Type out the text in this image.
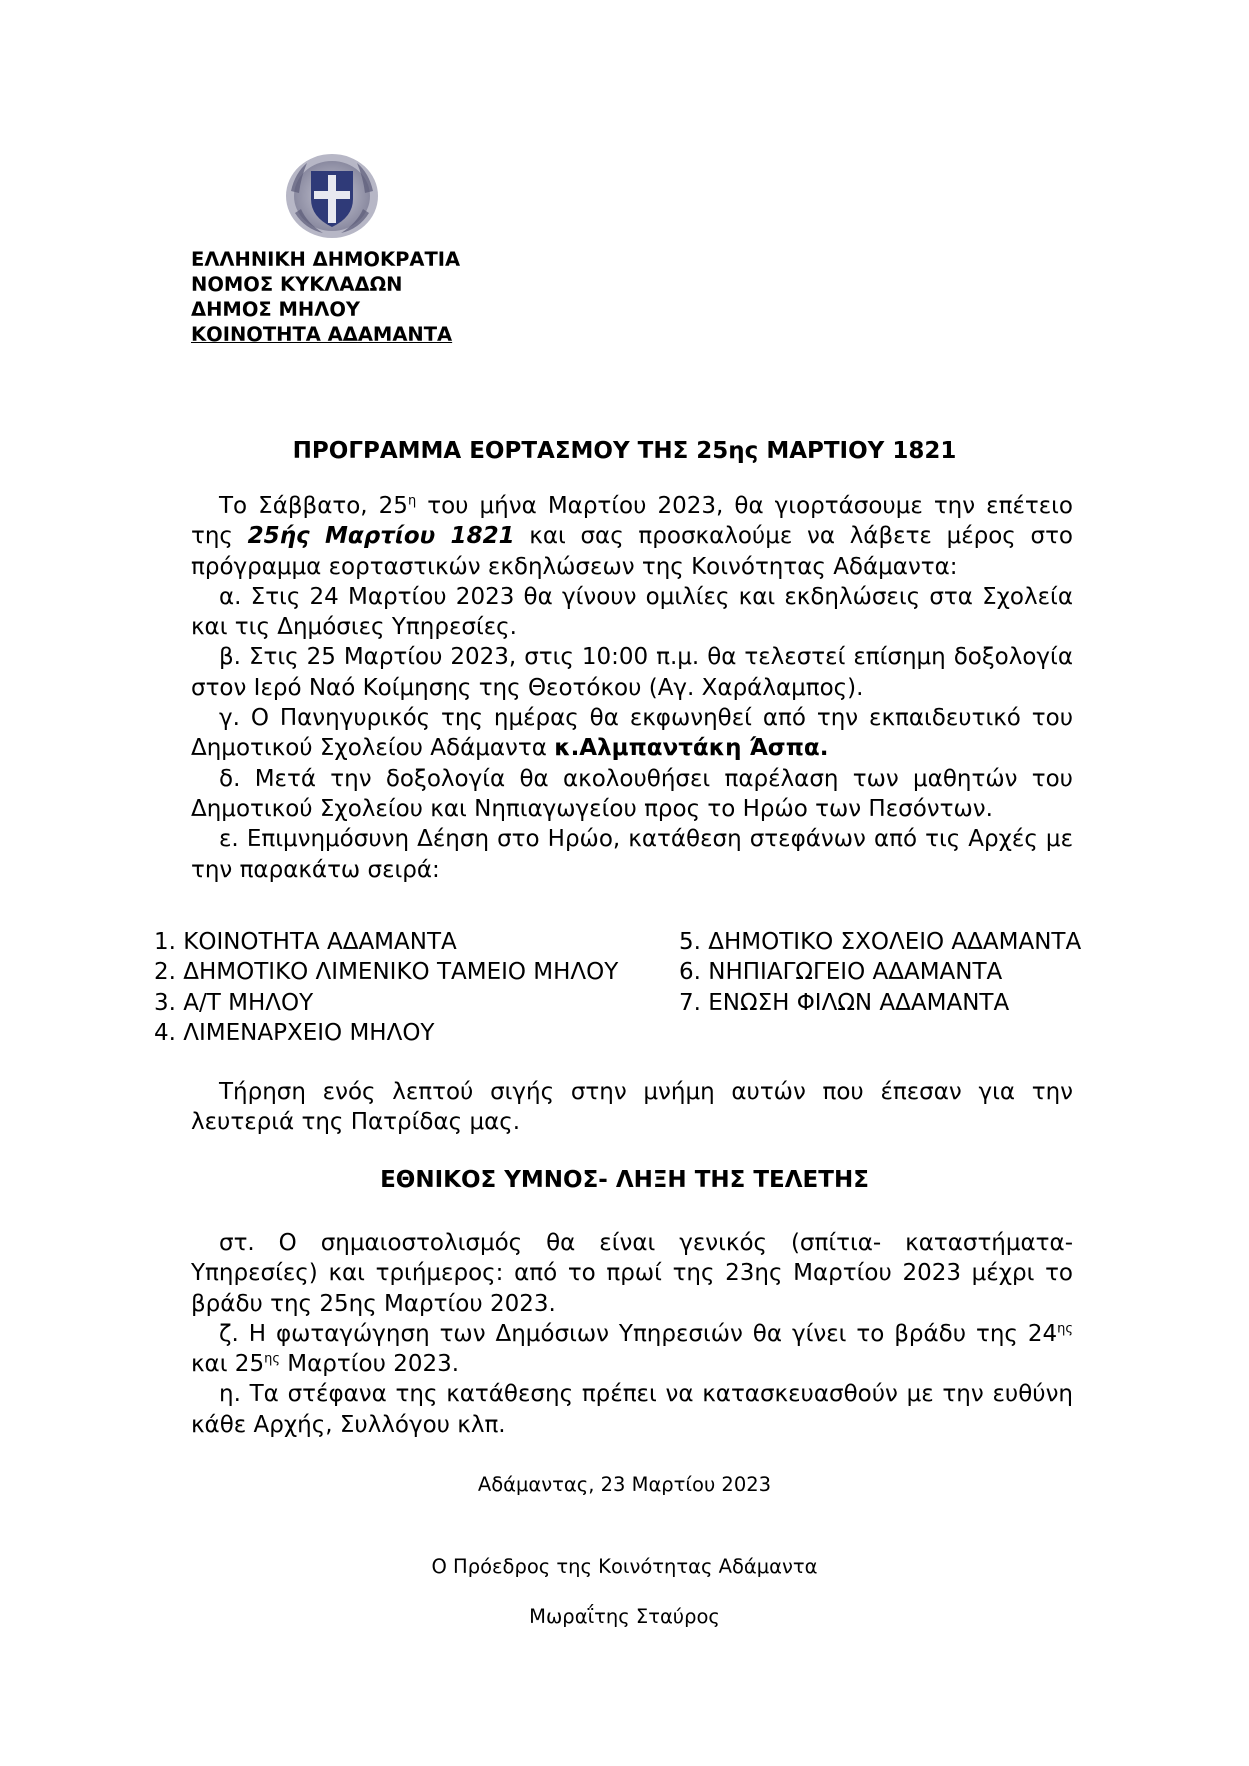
ΕΛΛΗΝΙΚΗ ΔΗΜΟΚΡΑΤΙΑ
ΝΟΜΟΣ ΚΥΚΛΑΔΩΝ
ΔΗΜΟΣ ΜΗΛΟΥ
ΚΟΙΝΟΤΗΤΑ ΑΔΑΜΑΝΤΑ
ΠΡΟΓΡΑΜΜΑ ΕΟΡΤΑΣΜΟΥ ΤΗΣ 25ης ΜΑΡΤΙΟΥ 1821

Το Σάββατο, $25^\eta$ του μήνα Μαρτίου 2023, θα γιορτάσουμε την επέτειο της 25ής Μαρτίου 1821 και σας προσκαλούμε να λάβετε μέρος στο πρόγραμμα εορταστικών εκδηλώσεων της Κοινότητας Αδάμαντα:

α. Στις 24 Μαρτίου 2023 θα γίνουν ομιλίες και εκδηλώσεις στα Σχολεία και τις Δημόσιες Υπηρεσίες.

β. Στις 25 Μαρτίου 2023, στις 10:00 π.μ. θα τελεστεί επίσημη δοξολογία στον Ιερό Ναό Κοίμησης της Θεοτόκου (Αγ. Χαράλαμπος).

γ. Ο Πανηγυρικός της ημέρας θα εκφωνηθεί από την εκπαιδευτικό του Δημοτικού Σχολείου Αδάμαντα κ.Αλμπαντάκη Άσπα.

δ. Μετά την δοξολογία θα ακολουθήσει παρέλαση των μαθητών του Δημοτικού Σχολείου και Νηπιαγωγείου προς το Ηρώο των Πεσόντων.

ε. Επιμνημόσυνη Δέηση στο Ηρώο, κατάθεση στεφάνων από τις Αρχές με την παρακάτω σειρά:

1. ΚΟΙΝΟΤΗΤΑ ΑΔΑΜΑΝΤΑ
2. ΔΗΜΟΤΙΚΟ ΛΙΜΕΝΙΚΟ ΤΑΜΕΙΟ ΜΗΛΟΥ
3. Α/Τ ΜΗΛΟΥ
4. ΛΙΜΕΝΑΡΧΕΙΟ ΜΗΛΟΥ
5. ΔΗΜΟΤΙΚΟ ΣΧΟΛΕΙΟ ΑΔΑΜΑΝΤΑ
6. ΝΗΠΙΑΓΩΓΕΙΟ ΑΔΑΜΑΝΤΑ
7. ΕΝΩΣΗ ΦΙΛΩΝ ΑΔΑΜΑΝΤΑ
Τήρηση ενός λεπτού σιγής στην μνήμη αυτών που έπεσαν για την λευτεριά της Πατρίδας μας.
ΕΘΝΙΚΟΣ ΥΜΝΟΣ- ΛΗΞΗ ΤΗΣ ΤΕΛΕΤΗΣ

στ. Ο σημαιοστολισμός θα είναι γενικός (σπίτια- καταστήματα- Υπηρεσίες) και τριήμερος: από το πρωί της 23ης Μαρτίου 2023 μέχρι το βράδυ της 25ης Μαρτίου 2023.

ζ. Η φωταγώγηση των Δημόσιων Υπηρεσιών θα γίνει το βράδυ της $24^{\eta\varsigma}$ και $25^{\eta\varsigma}$ Μαρτίου 2023.

η. Τα στέφανα της κατάθεσης πρέπει να κατασκευασθούν με την ευθύνη κάθε Αρχής, Συλλόγου κλπ.

Αδάμαντας, 23 Μαρτίου 2023
Ο Πρόεδρος της Κοινότητας Αδάμαντα
Μωραΐτης Σταύρος
